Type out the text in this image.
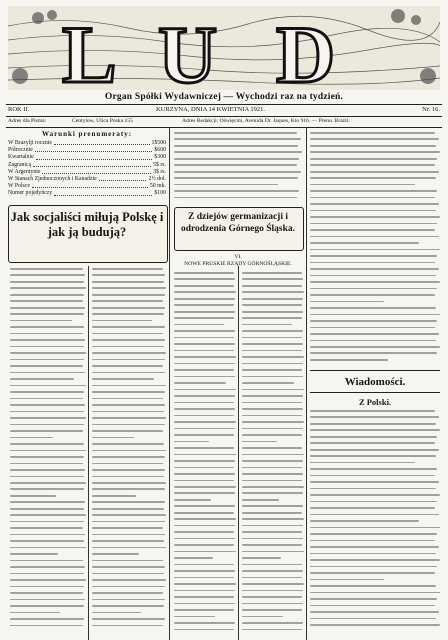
L U D
Organ Spółki Wydawniczej — Wychodzi raz na tydzień.
ROK II.	KURZYNA, DNIA 14 KWIETNIA 1921.	Nr. 16.
Adres dla Pisma:	Centylow, Ulica Poska 155	Adres Redakcji: Oświęcim, Avenida Dr. Jaques, Kto 916. — Prenu. Brazil.
Warunki prenumeraty:
W Brazylji rocznie	1$500
Półrocznie	$600
Kwartalnie	$300
Zagranicą	5$ rs.
W Argentynie	3$ rs.
W Stanach Zjednoczonych i Kanadzie	2½ dol.
W Polsce	50 mk.
Numer pojedyńczy	$100
Jak socjaliści miłują Polskę i jak ją budują?
Z dziejów germanizacji i odrodzenia Górnego Śląska.
VI.
NOWE PRUSKIE RZĄDY GÓRNOŚLĄSKIE.
Wiadomości.
Z Polski.
